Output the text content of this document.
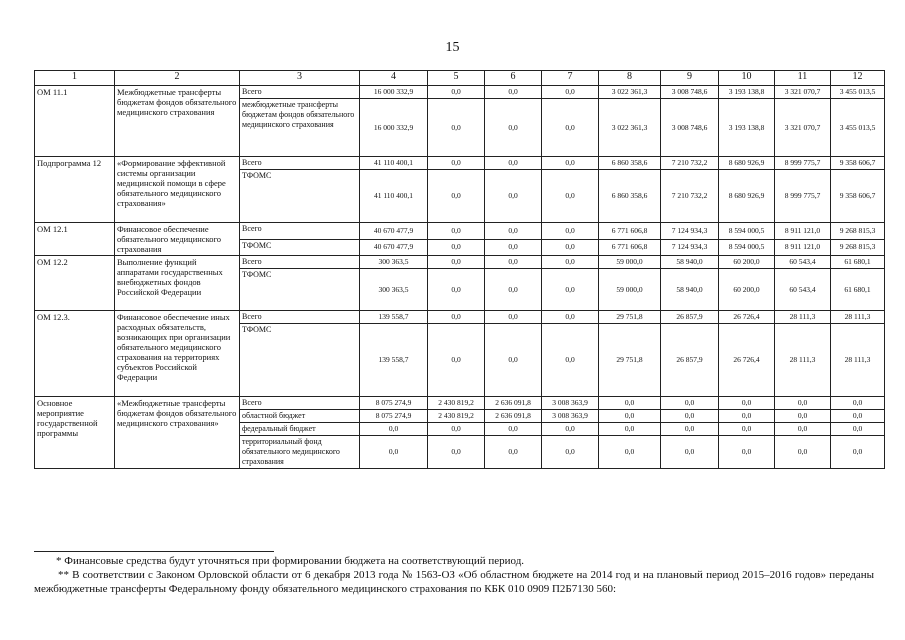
15
1	2	3	4	5	6	7	8	9	10	11	12
ОМ 11.1	Межбюджетные трансферты бюджетам фондов обязательного медицинского страхования	Всего	16 000 332,9	0,0	0,0	0,0	3 022 361,3	3 008 748,6	3 193 138,8	3 321 070,7	3 455 013,5
		межбюджетные трансферты бюджетам фондов обязательного медицинского страхования	16 000 332,9	0,0	0,0	0,0	3 022 361,3	3 008 748,6	3 193 138,8	3 321 070,7	3 455 013,5
Подпрограмма 12	«Формирование эффективной системы организации медицинской помощи в сфере обязательного медицинского страхования»	Всего	41 110 400,1	0,0	0,0	0,0	6 860 358,6	7 210 732,2	8 680 926,9	8 999 775,7	9 358 606,7
		ТФОМС	41 110 400,1	0,0	0,0	0,0	6 860 358,6	7 210 732,2	8 680 926,9	8 999 775,7	9 358 606,7
ОМ 12.1	Финансовое обеспечение обязательного медицинского страхования	Всего	40 670 477,9	0,0	0,0	0,0	6 771 606,8	7 124 934,3	8 594 000,5	8 911 121,0	9 268 815,3
		ТФОМС	40 670 477,9	0,0	0,0	0,0	6 771 606,8	7 124 934,3	8 594 000,5	8 911 121,0	9 268 815,3
ОМ 12.2	Выполнение функций аппаратами государственных внебюджетных фондов Российской Федерации	Всего	300 363,5	0,0	0,0	0,0	59 000,0	58 940,0	60 200,0	60 543,4	61 680,1
		ТФОМС	300 363,5	0,0	0,0	0,0	59 000,0	58 940,0	60 200,0	60 543,4	61 680,1
ОМ 12.3.	Финансовое обеспечение иных расходных обязательств, возникающих при организации обязательного медицинского страхования на территориях субъектов Российской Федерации	Всего	139 558,7	0,0	0,0	0,0	29 751,8	26 857,9	26 726,4	28 111,3	28 111,3
		ТФОМС	139 558,7	0,0	0,0	0,0	29 751,8	26 857,9	26 726,4	28 111,3	28 111,3
Основное мероприятие государственной программы	«Межбюджетные трансферты бюджетам фондов обязательного медицинского страхования»	Всего	8 075 274,9	2 430 819,2	2 636 091,8	3 008 363,9	0,0	0,0	0,0	0,0	0,0
		областной бюджет	8 075 274,9	2 430 819,2	2 636 091,8	3 008 363,9	0,0	0,0	0,0	0,0	0,0
		федеральный бюджет	0,0	0,0	0,0	0,0	0,0	0,0	0,0	0,0	0,0
		территориальный фонд обязательного медицинского страхования	0,0	0,0	0,0	0,0	0,0	0,0	0,0	0,0	0,0
* Финансовые средства будут уточняться при формировании бюджета на соответствующий период.
** В соответствии с Законом Орловской области от 6 декабря 2013 года № 1563-ОЗ «Об областном бюджете на 2014 год и на плановый период 2015–2016 годов» переданы межбюджетные трансферты Федеральному фонду обязательного медицинского страхования по КБК 010 0909 П2Б7130 560:
